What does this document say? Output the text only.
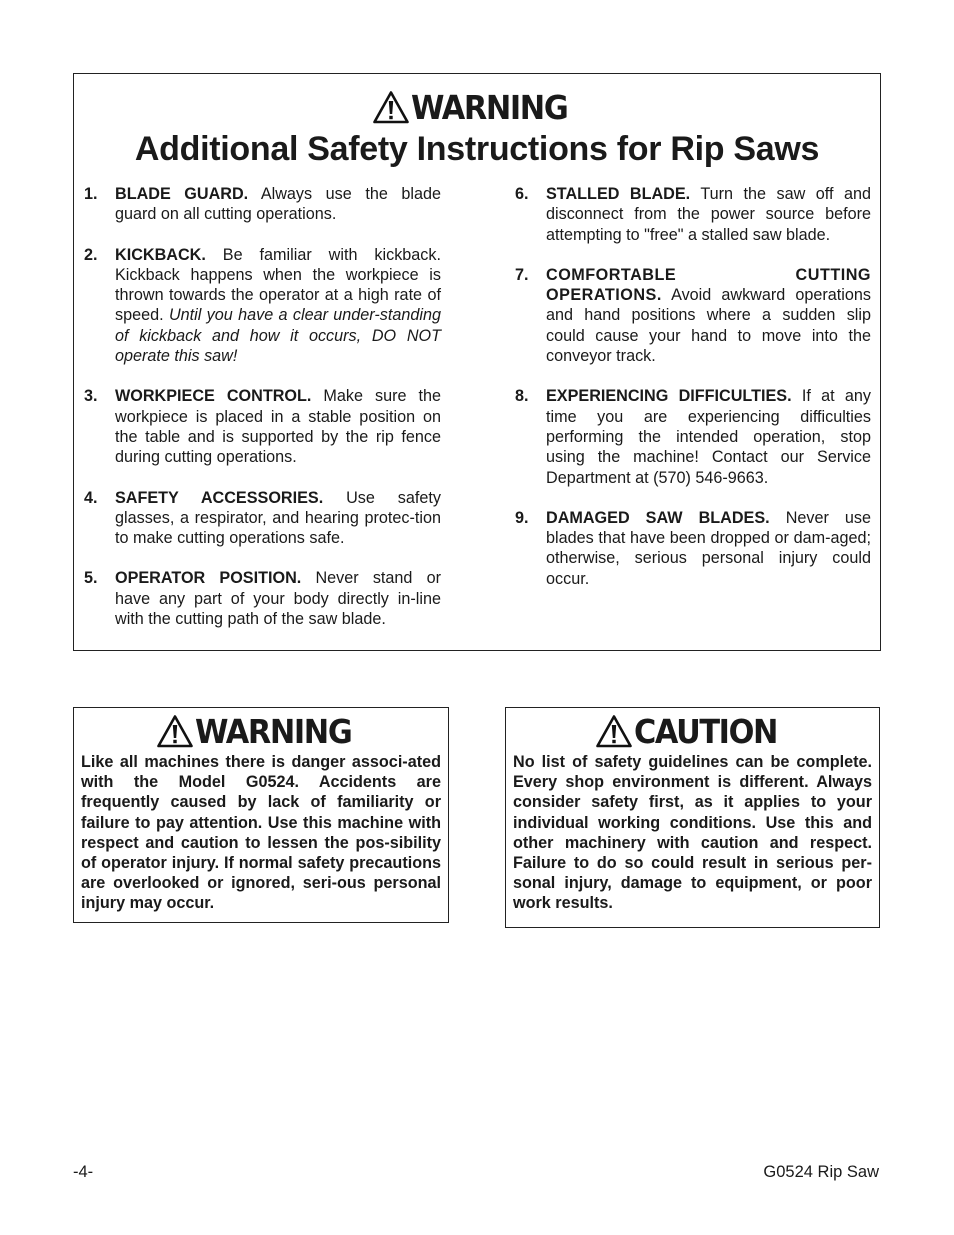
WARNING
Additional Safety Instructions for Rip Saws
1.	BLADE GUARD. Always use the blade guard on all cutting operations.
2.	KICKBACK. Be familiar with kickback. Kickback happens when the workpiece is thrown towards the operator at a high rate of speed. Until you have a clear under-standing of kickback and how it occurs, DO NOT operate this saw!
3.	WORKPIECE CONTROL. Make sure the workpiece is placed in a stable position on the table and is supported by the rip fence during cutting operations.
4.	SAFETY ACCESSORIES. Use safety glasses, a respirator, and hearing protec-tion to make cutting operations safe.
5.	OPERATOR POSITION. Never stand or have any part of your body directly in-line with the cutting path of the saw blade.
6.	STALLED BLADE. Turn the saw off and disconnect from the power source before attempting to "free" a stalled saw blade.
7.	COMFORTABLE CUTTING OPERATIONS. Avoid awkward operations and hand positions where a sudden slip could cause your hand to move into the conveyor track.
8.	EXPERIENCING DIFFICULTIES. If at any time you are experiencing difficulties performing the intended operation, stop using the machine! Contact our Service Department at (570) 546-9663.
9.	DAMAGED SAW BLADES. Never use blades that have been dropped or dam-aged; otherwise, serious personal injury could occur.
WARNING
Like all machines there is danger associ-ated with the Model G0524. Accidents are frequently caused by lack of familiarity or failure to pay attention. Use this machine with respect and caution to lessen the pos-sibility of operator injury. If normal safety precautions are overlooked or ignored, seri-ous personal injury may occur.
CAUTION
No list of safety guidelines can be complete. Every shop environment is different. Always consider safety first, as it applies to your individual working conditions. Use this and other machinery with caution and respect. Failure to do so could result in serious per-sonal injury, damage to equipment, or poor work results.
-4-	G0524 Rip Saw
